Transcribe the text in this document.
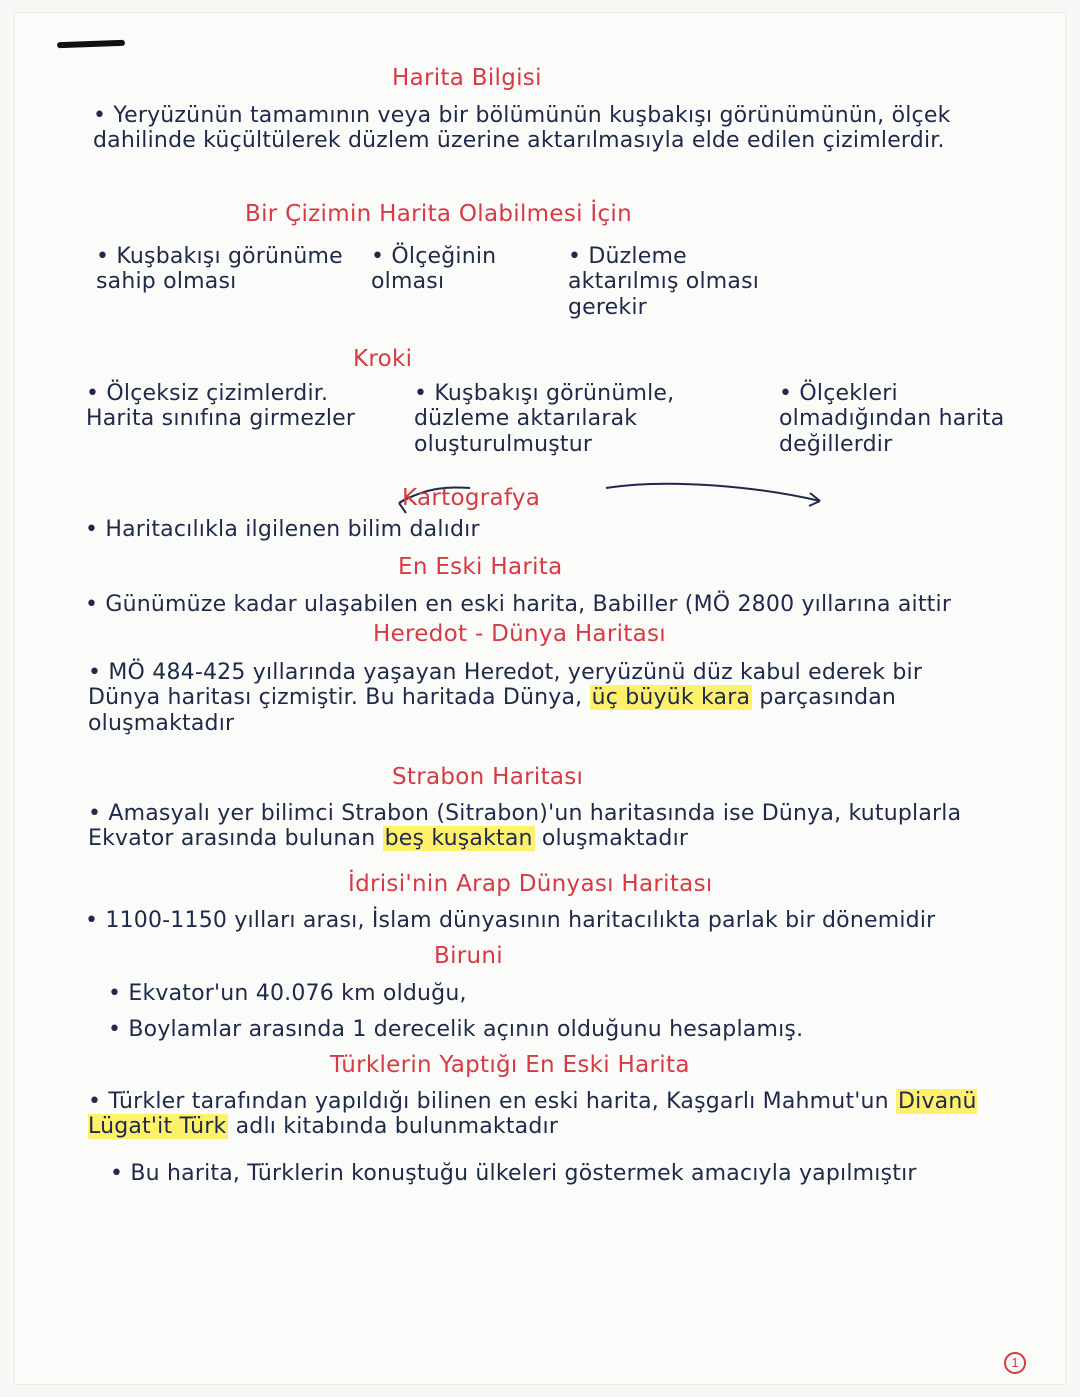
Harita Bilgisi
• Yeryüzünün tamamının veya bir bölümünün kuşbakışı görünümünün, ölçek dahilinde küçültülerek düzlem üzerine aktarılmasıyla elde edilen çizimlerdir.
Bir Çizimin Harita Olabilmesi İçin
• Kuşbakışı görünüme sahip olması
• Ölçeğinin olması
• Düzleme aktarılmış olması gerekir
Kroki
• Ölçeksiz çizimlerdir. Harita sınıfına girmezler
• Kuşbakışı görünümle, düzleme aktarılarak oluşturulmuştur
• Ölçekleri olmadığından harita değillerdir
Kartografya
• Haritacılıkla ilgilenen bilim dalıdır
En Eski Harita
• Günümüze kadar ulaşabilen en eski harita, Babiller (MÖ 2800 yıllarına aittir
Heredot - Dünya Haritası
• MÖ 484-425 yıllarında yaşayan Heredot, yeryüzünü düz kabul ederek bir Dünya haritası çizmiştir. Bu haritada Dünya, üç büyük kara parçasından oluşmaktadır
Strabon Haritası
• Amasyalı yer bilimci Strabon (Sitrabon)'un haritasında ise Dünya, kutuplarla Ekvator arasında bulunan beş kuşaktan oluşmaktadır
İdrisi'nin Arap Dünyası Haritası
• 1100-1150 yılları arası, İslam dünyasının haritacılıkta parlak bir dönemidir
Biruni
• Ekvator'un 40.076 km olduğu,
• Boylamlar arasında 1 derecelik açının olduğunu hesaplamış.
Türklerin Yaptığı En Eski Harita
• Türkler tarafından yapıldığı bilinen en eski harita, Kaşgarlı Mahmut'un Divanü Lügat'it Türk adlı kitabında bulunmaktadır
• Bu harita, Türklerin konuştuğu ülkeleri göstermek amacıyla yapılmıştır
1
